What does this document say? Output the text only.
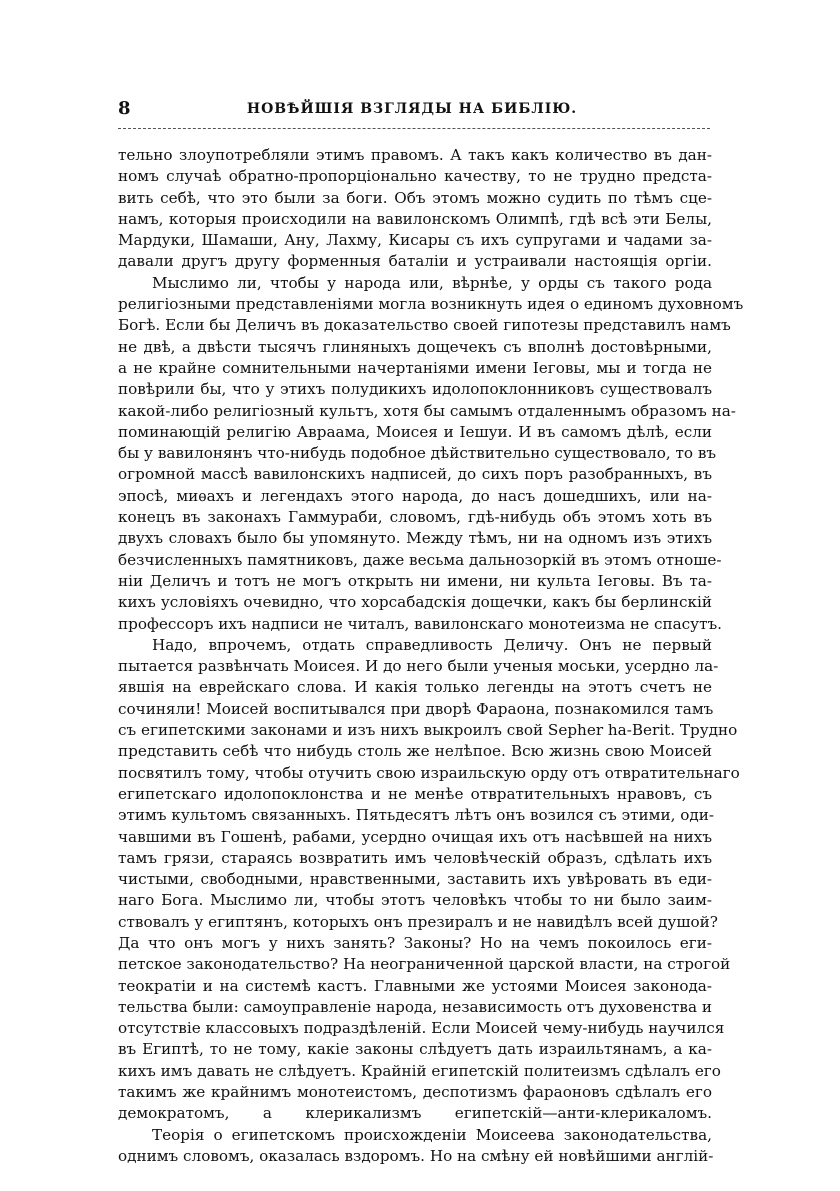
8	НОВѢЙШІЯ ВЗГЛЯДЫ НА БИБЛІЮ.
тельно злоупотребляли этимъ правомъ. А такъ какъ количество въ дан-
номъ случаѣ обратно-пропорціонально качеству, то не трудно предста-
вить себѣ, что это были за боги. Объ этомъ можно судить по тѣмъ сце-
намъ, которыя происходили на вавилонскомъ Олимпѣ, гдѣ всѣ эти Белы,
Мардуки, Шамаши, Ану, Лахму, Кисары съ ихъ супругами и чадами за-
давали другъ другу форменныя баталіи и устраивали настоящія оргіи.
Мыслимо ли, чтобы у народа или, вѣрнѣе, у орды съ такого рода
религіозными представленіями могла возникнуть идея о единомъ духовномъ
Богѣ. Если бы Деличъ въ доказательство своей гипотезы представилъ намъ
не двѣ, а двѣсти тысячъ глиняныхъ дощечекъ съ вполнѣ достовѣрными,
а не крайне сомнительными начертаніями имени Іеговы, мы и тогда не
повѣрили бы, что у этихъ полудикихъ идолопоклонниковъ существовалъ
какой-либо религіозный культъ, хотя бы самымъ отдаленнымъ образомъ на-
поминающій религію Авраама, Моисея и Іешуи. И въ самомъ дѣлѣ, если
бы у вавилонянъ что-нибудь подобное дѣйствительно существовало, то въ
огромной массѣ вавилонскихъ надписей, до сихъ поръ разобранныхъ, въ
эпосѣ, миѳахъ и легендахъ этого народа, до насъ дошедшихъ, или на-
конецъ въ законахъ Гаммураби, словомъ, гдѣ-нибудь объ этомъ хоть въ
двухъ словахъ было бы упомянуто. Между тѣмъ, ни на одномъ изъ этихъ
безчисленныхъ памятниковъ, даже весьма дальнозоркій въ этомъ отноше-
ніи Деличъ и тотъ не могъ открыть ни имени, ни культа Іеговы. Въ та-
кихъ условіяхъ очевидно, что хорсабадскія дощечки, какъ бы берлинскій
профессоръ ихъ надписи не читалъ, вавилонскаго монотеизма не спасутъ.
Надо, впрочемъ, отдать справедливость Деличу. Онъ не первый
пытается развѣнчать Моисея. И до него были ученыя моськи, усердно ла-
явшія на еврейскаго слова. И какія только легенды на этотъ счетъ не
сочиняли! Моисей воспитывался при дворѣ Фараона, познакомился тамъ
съ египетскими законами и изъ нихъ выкроилъ свой Sepher ha-Berit. Трудно
представить себѣ что нибудь столь же нелѣпое. Всю жизнь свою Моисей
посвятилъ тому, чтобы отучить свою израильскую орду отъ отвратительнаго
египетскаго идолопоклонства и не менѣе отвратительныхъ нравовъ, съ
этимъ культомъ связанныхъ. Пятьдесятъ лѣтъ онъ возился съ этими, оди-
чавшими въ Гошенѣ, рабами, усердно очищая ихъ отъ насѣвшей на нихъ
тамъ грязи, стараясь возвратить имъ человѣческій образъ, сдѣлать ихъ
чистыми, свободными, нравственными, заставить ихъ увѣровать въ еди-
наго Бога. Мыслимо ли, чтобы этотъ человѣкъ чтобы то ни было заим-
ствовалъ у египтянъ, которыхъ онъ презиралъ и не навидѣлъ всей душой?
Да что онъ могъ у нихъ занять? Законы? Но на чемъ покоилось еги-
петское законодательство? На неограниченной царской власти, на строгой
теократіи и на системѣ кастъ. Главными же устоями Моисея законода-
тельства были: самоуправленіе народа, независимость отъ духовенства и
отсутствіе классовыхъ подраздѣленій. Если Моисей чему-нибудь научился
въ Египтѣ, то не тому, какіе законы слѣдуетъ дать израильтянамъ, а ка-
кихъ имъ давать не слѣдуетъ. Крайній египетскій политеизмъ сдѣлалъ его
такимъ же крайнимъ монотеистомъ, деспотизмъ фараоновъ сдѣлалъ его
демократомъ, а клерикализмъ египетскій—анти-клерикаломъ.
Теорія о египетскомъ происхожденіи Моисеева законодательства,
однимъ словомъ, оказалась вздоромъ. Но на смѣну ей новѣйшими англій-
